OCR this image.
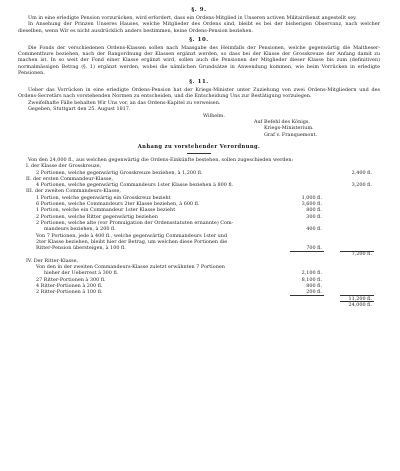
§. 9.

Um in eine erledigte Pension vorzurücken, wird erfordert, dass ein Ordens-Mitglied in Unseren activen Militairdienst angestellt sey.

In Ansehung der Prinzen Unseres Hauses, welche Mitglieder des Ordens sind, bleibt es bei der bisherigen Observanz, nach welcher dieselben, wenn Wir es nicht ausdrücklich anders bestimmen, keine Ordens-Pension beziehen.

§. 10.

Die Fonds der verschiedenen Ordens-Klassen sollen nach Maasgabe des Heimfalls der Pensionen, welche gegenwärtig die Maltheser-Commenthure beziehen, nach der Rangordnung der Klassen ergänzt werden, so dass bei der Klasse der Grosskreuze der Anfang damit zu machen ist. In so weit der Fond einer Klasse ergänzt wird, sollen auch die Pensionen der Mitglieder dieser Klasse bis zum (definitiven) normalmässigen Betrag (§. 1) ergänzt werden, wobei die nämlichen Grundsätze in Anwendung kommen, wie beim Vorrücken in erledigte Pensionen.

§. 11.

Ueber das Vorrücken in eine erledigte Ordens-Pension hat der Kriegs-Minister unter Zuziehung von zwei Ordens-Mitgliedern und des Ordens-Secretärs nach vorstehenden Normen zu entscheiden, und die Entscheidung Uns zur Bestätigung vorzulegen.

Zweifelhafte Fälle behalten Wir Uns vor, an das Ordens-Kapitel zu verweisen.

Gegeben, Stuttgart den 25. August 1817.

Wilhelm.
Auf Befehl des Königs.
Kriegs-Ministerium.
Graf v. Franquemont.
Anhang zu vorstehender Verordnung.

Von den 24,000 fl., aus welchen gegenwärtig die Ordens-Einkünfte bestehen, sollen zugeschieden werden:

I. der Klasse der Grosskreuze,
2 Portionen, welche gegenwärtig Grosskreuze beziehen, à 1,200 fl.	2,400 fl.
II. der ersten Commandeur-Klasse,
4 Portionen, welche gegenwärtig Commandeurs 1ster Klasse beziehen à 800 fl.	3,200 fl.
III. der zweiten Commandeurs-Klasse,
1 Portion, welche gegenwärtig ein Grosskreuz bezieht	1,000 fl.
6 Portionen, welche Commandeurs 2ter Klasse beziehen, à 600 fl.	3,600 fl.
1 Portion, welche ein Commandeur 1ster Klasse bezieht	800 fl.
2 Portionen, welche Ritter gegenwärtig beziehen	300 fl.
2 Portionen, welche alte (vor Promulgation der Ordensstatuten ernannte) Com-
mandeurs beziehen, à 200 fl.	400 fl.
Von 7 Portionen, jede à 400 fl., welche gegenwärtig Commandeurs 1ster und
2ter Klasse beziehen, bleibt hier der Betrag, um welchen diese Portionen die
Ritter-Pension übersteigen, à 100 fl.	700 fl.
7,200 fl.
IV. Der Ritter-Klasse,
Von den in der zweiten Commandeurs-Klasse zuletzt erwähnten 7 Portionen
hieher der Ueberrest à 300 fl.	2,100 fl.
27 Ritter-Portionen à 300 fl.	8,100 fl.
4 Ritter-Portionen à 200 fl.	800 fl.
2 Ritter-Portionen à 100 fl.	200 fl.
11,200 fl.
24,000 fl.
